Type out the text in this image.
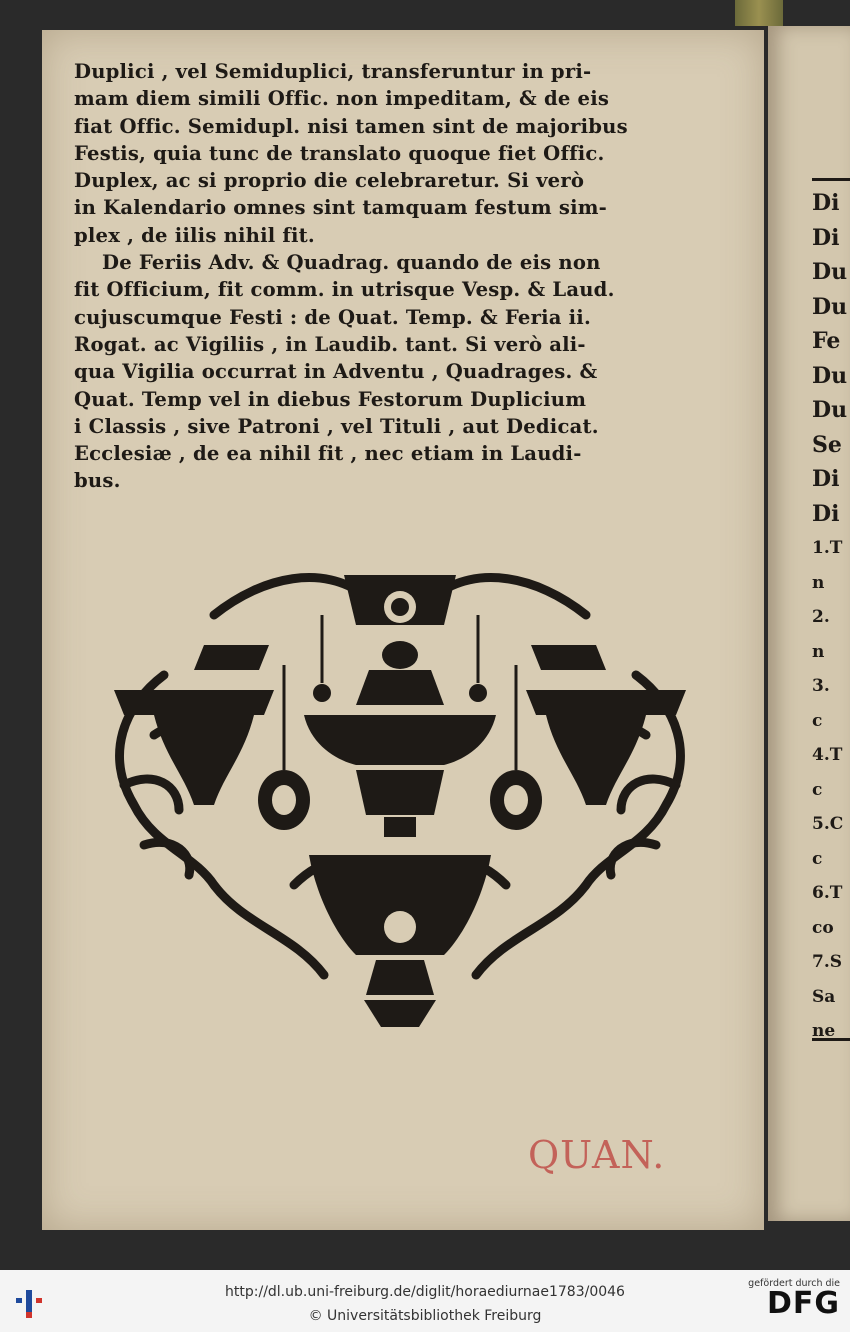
Duplici , vel Semiduplici, transferuntur in pri-
mam diem simili Offic. non impeditam, & de eis
fiat Offic. Semidupl. nisi tamen sint de majoribus
Festis, quia tunc de translato quoque fiet Offic.
Duplex, ac si proprio die celebraretur. Si verò
in Kalendario omnes sint tamquam festum sim-
plex , de iilis nihil fit.
De Feriis Adv. & Quadrag. quando de eis non
fit Officium, fit comm. in utrisque Vesp. & Laud.
cujuscumque Festi : de Quat. Temp. & Feria ii.
Rogat. ac Vigiliis , in Laudib. tant. Si verò ali-
qua Vigilia occurrat in Adventu , Quadrages. &
Quat. Temp vel in diebus Festorum Duplicium
i Classis , sive Patroni , vel Tituli , aut Dedicat.
Ecclesiæ , de ea nihil fit , nec etiam in Laudi-
bus.
QUAN.
Di
Di
Du
Du
Fe
Du
Du
Se
Di
Di
1.T
n
2.
n
3.
c
4.T
c
5.C
c
6.T
co
7.S
Sa
ne
http://dl.ub.uni-freiburg.de/diglit/horaediurnae1783/0046
© Universitätsbibliothek Freiburg
gefördert durch die
DFG
